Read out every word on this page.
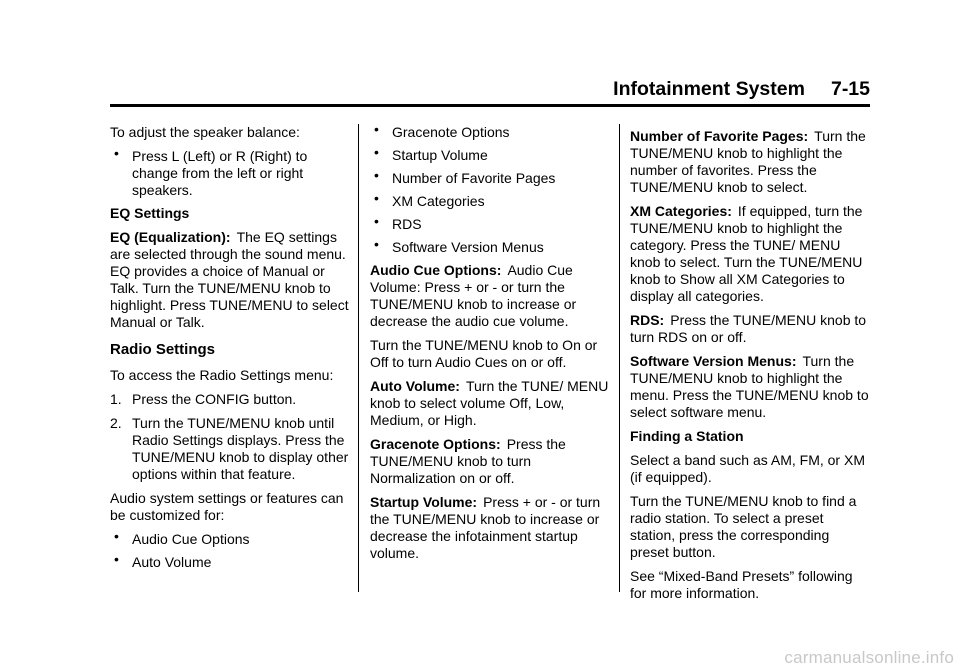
Infotainment System 7-15

To adjust the speaker balance:

• Press L (Left) or R (Right) to change from the left or right speakers.

EQ Settings

EQ (Equalization): The EQ settings are selected through the sound menu. EQ provides a choice of Manual or Talk. Turn the TUNE/MENU knob to highlight. Press TUNE/MENU to select Manual or Talk.

Radio Settings

To access the Radio Settings menu:

1. Press the CONFIG button.
2. Turn the TUNE/MENU knob until Radio Settings displays. Press the TUNE/MENU knob to display other options within that feature.

Audio system settings or features can be customized for:

• Audio Cue Options
• Auto Volume
• Gracenote Options
• Startup Volume
• Number of Favorite Pages
• XM Categories
• RDS
• Software Version Menus

Audio Cue Options: Audio Cue Volume: Press + or - or turn the TUNE/MENU knob to increase or decrease the audio cue volume.

Turn the TUNE/MENU knob to On or Off to turn Audio Cues on or off.

Auto Volume: Turn the TUNE/ MENU knob to select volume Off, Low, Medium, or High.

Gracenote Options: Press the TUNE/MENU knob to turn Normalization on or off.

Startup Volume: Press + or - or turn the TUNE/MENU knob to increase or decrease the infotainment startup volume.

Number of Favorite Pages: Turn the TUNE/MENU knob to highlight the number of favorites. Press the TUNE/MENU knob to select.

XM Categories: If equipped, turn the TUNE/MENU knob to highlight the category. Press the TUNE/ MENU knob to select. Turn the TUNE/MENU knob to Show all XM Categories to display all categories.

RDS: Press the TUNE/MENU knob to turn RDS on or off.

Software Version Menus: Turn the TUNE/MENU knob to highlight the menu. Press the TUNE/MENU knob to select software menu.

Finding a Station

Select a band such as AM, FM, or XM (if equipped).

Turn the TUNE/MENU knob to find a radio station. To select a preset station, press the corresponding preset button.

See “Mixed-Band Presets” following for more information.

carmanualsonline.info
